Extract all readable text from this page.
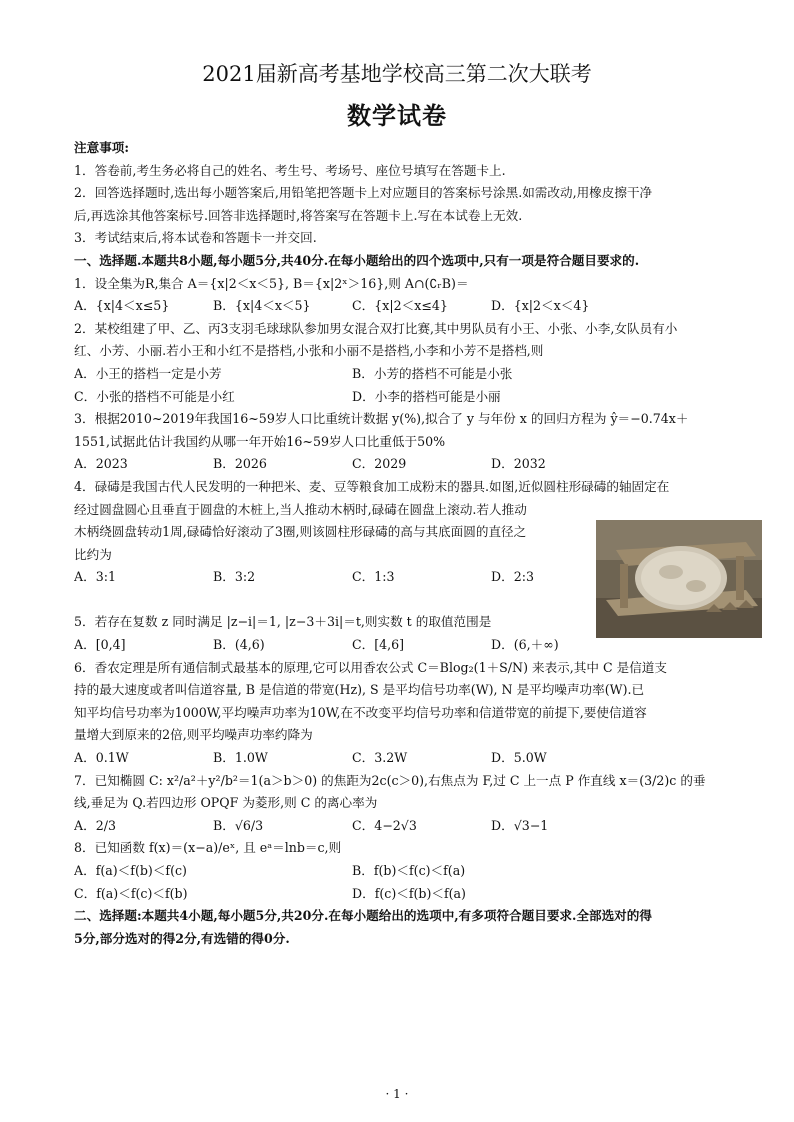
2021届新高考基地学校高三第二次大联考
数学试卷
注意事项:
1．答卷前,考生务必将自己的姓名、考生号、考场号、座位号填写在答题卡上.
2．回答选择题时,选出每小题答案后,用铅笔把答题卡上对应题目的答案标号涂黑.如需改动,用橡皮擦干净
后,再选涂其他答案标号.回答非选择题时,将答案写在答题卡上.写在本试卷上无效.
3．考试结束后,将本试卷和答题卡一并交回.
一、选择题.本题共8小题,每小题5分,共40分.在每小题给出的四个选项中,只有一项是符合题目要求的.
1．设全集为R,集合 A＝{x|2＜x＜5}, B＝{x|2ˣ＞16},则 A∩(∁ᵣB)＝
A．{x|4＜x≤5}	B．{x|4＜x＜5}	C．{x|2＜x≤4}	D．{x|2＜x＜4}
2．某校组建了甲、乙、丙3支羽毛球球队参加男女混合双打比赛,其中男队员有小王、小张、小李,女队员有小
红、小芳、小丽.若小王和小红不是搭档,小张和小丽不是搭档,小李和小芳不是搭档,则
A．小王的搭档一定是小芳	B．小芳的搭档不可能是小张
C．小张的搭档不可能是小红	D．小李的搭档可能是小丽
3．根据2010~2019年我国16~59岁人口比重统计数据 y(%),拟合了 y 与年份 x 的回归方程为 ŷ＝−0.74x＋
1551,试据此估计我国约从哪一年开始16~59岁人口比重低于50%
A．2023	B．2026	C．2029	D．2032
4．碌碡是我国古代人民发明的一种把米、麦、豆等粮食加工成粉末的器具.如图,近似圆柱形碌碡的轴固定在
经过圆盘圆心且垂直于圆盘的木桩上,当人推动木柄时,碌碡在圆盘上滚动.若人推动
木柄绕圆盘转动1周,碌碡恰好滚动了3圈,则该圆柱形碌碡的高与其底面圆的直径之
比约为
A．3:1	B．3:2	C．1:3	D．2:3
5．若存在复数 z 同时满足 |z−i|＝1, |z−3＋3i|＝t,则实数 t 的取值范围是
A．[0,4]	B．(4,6)	C．[4,6]	D．(6,＋∞)
6．香农定理是所有通信制式最基本的原理,它可以用香农公式 C＝Blog₂(1＋S/N) 来表示,其中 C 是信道支
持的最大速度或者叫信道容量, B 是信道的带宽(Hz), S 是平均信号功率(W), N 是平均噪声功率(W).已
知平均信号功率为1000W,平均噪声功率为10W,在不改变平均信号功率和信道带宽的前提下,要使信道容
量增大到原来的2倍,则平均噪声功率约降为
A．0.1W	B．1.0W	C．3.2W	D．5.0W
7．已知椭圆 C: x²/a²＋y²/b²＝1(a＞b＞0) 的焦距为2c(c＞0),右焦点为 F,过 C 上一点 P 作直线 x＝(3/2)c 的垂
线,垂足为 Q.若四边形 OPQF 为菱形,则 C 的离心率为
A．2/3	B．√6/3	C．4−2√3	D．√3−1
8．已知函数 f(x)＝(x−a)/eˣ, 且 eᵃ＝lnb＝c,则
A．f(a)＜f(b)＜f(c)	B．f(b)＜f(c)＜f(a)
C．f(a)＜f(c)＜f(b)	D．f(c)＜f(b)＜f(a)
二、选择题:本题共4小题,每小题5分,共20分.在每小题给出的选项中,有多项符合题目要求.全部选对的得
5分,部分选对的得2分,有选错的得0分.
· 1 ·
